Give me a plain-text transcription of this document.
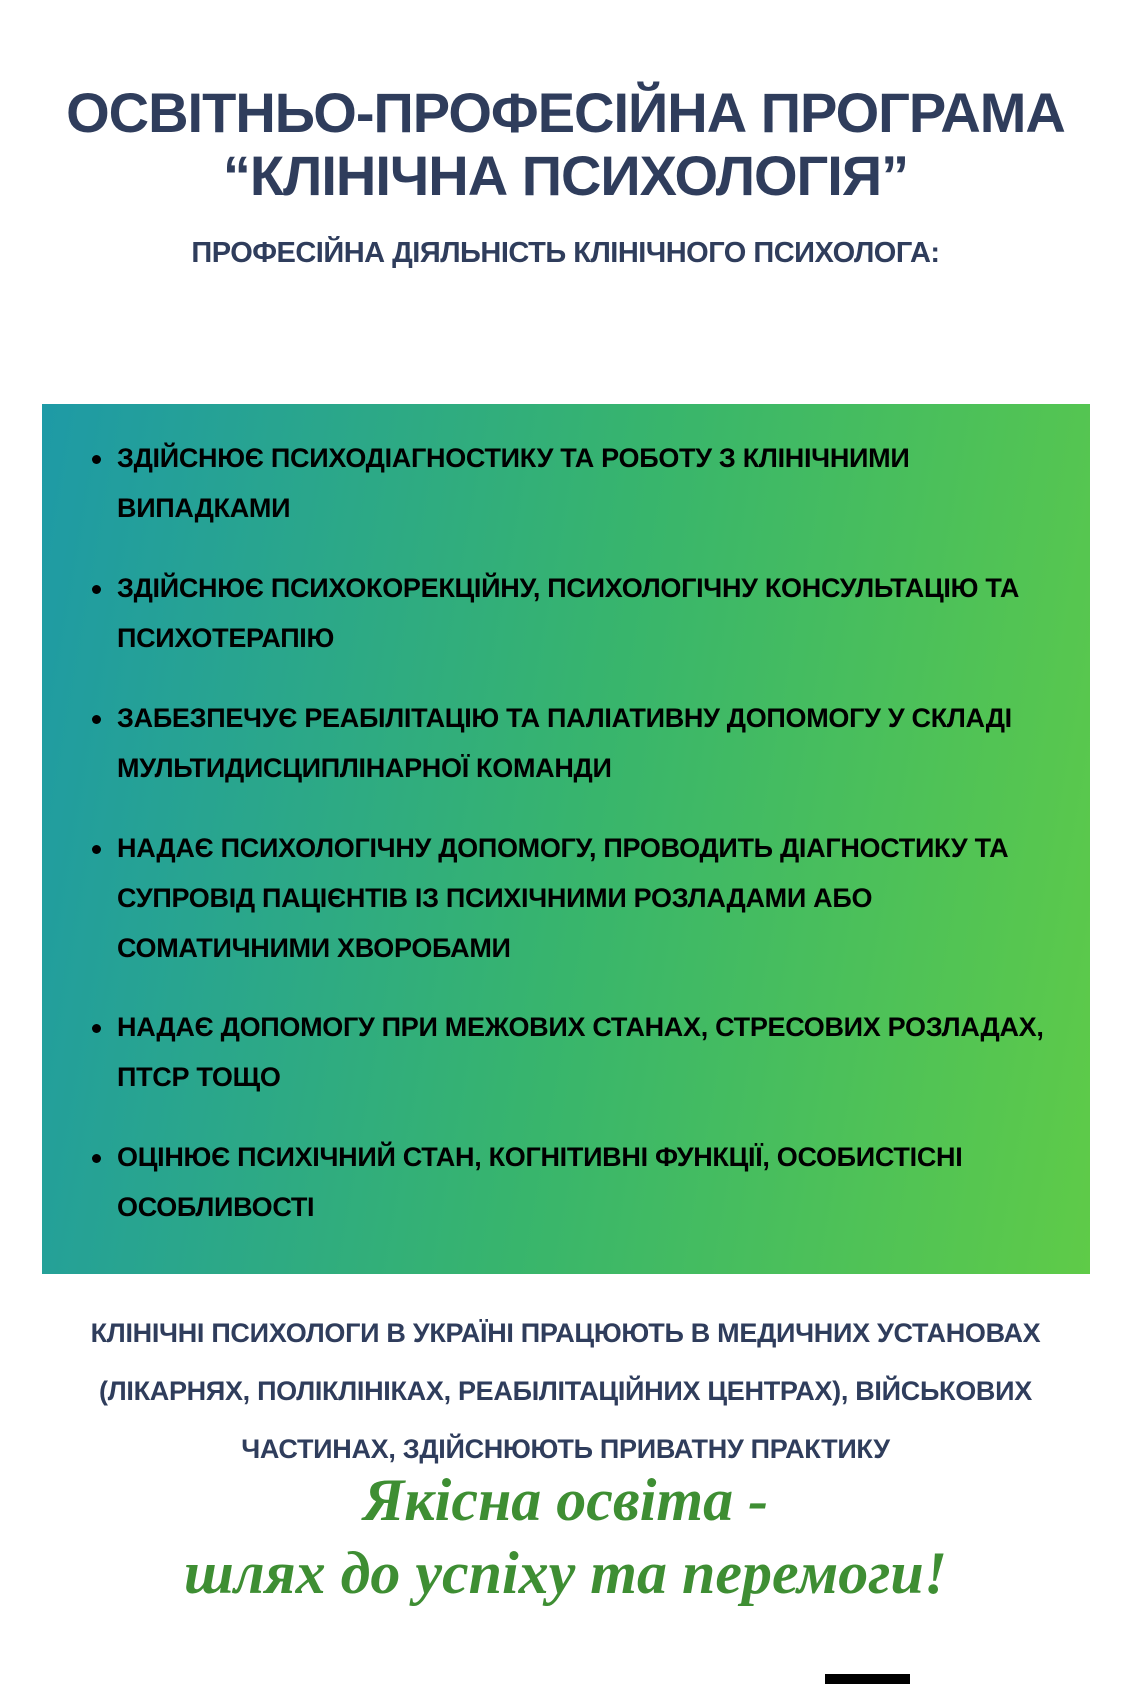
ОСВІТНЬО-ПРОФЕСІЙНА ПРОГРАМА
“КЛІНІЧНА ПСИХОЛОГІЯ”
ПРОФЕСІЙНА ДІЯЛЬНІСТЬ КЛІНІЧНОГО ПСИХОЛОГА:
ЗДІЙСНЮЄ ПСИХОДІАГНОСТИКУ ТА РОБОТУ З КЛІНІЧНИМИ ВИПАДКАМИ
ЗДІЙСНЮЄ ПСИХОКОРЕКЦІЙНУ, ПСИХОЛОГІЧНУ КОНСУЛЬТАЦІЮ ТА ПСИХОТЕРАПІЮ
ЗАБЕЗПЕЧУЄ РЕАБІЛІТАЦІЮ ТА ПАЛІАТИВНУ ДОПОМОГУ У СКЛАДІ МУЛЬТИДИСЦИПЛІНАРНОЇ КОМАНДИ
НАДАЄ ПСИХОЛОГІЧНУ ДОПОМОГУ, ПРОВОДИТЬ ДІАГНОСТИКУ ТА СУПРОВІД ПАЦІЄНТІВ ІЗ ПСИХІЧНИМИ РОЗЛАДАМИ АБО СОМАТИЧНИМИ ХВОРОБАМИ
НАДАЄ ДОПОМОГУ ПРИ МЕЖОВИХ СТАНАХ, СТРЕСОВИХ РОЗЛАДАХ, ПТСР ТОЩО
ОЦІНЮЄ ПСИХІЧНИЙ СТАН, КОГНІТИВНІ ФУНКЦІЇ, ОСОБИСТІСНІ ОСОБЛИВОСТІ
КЛІНІЧНІ ПСИХОЛОГИ В УКРАЇНІ ПРАЦЮЮТЬ В МЕДИЧНИХ УСТАНОВАХ (ЛІКАРНЯХ, ПОЛІКЛІНІКАХ, РЕАБІЛІТАЦІЙНИХ ЦЕНТРАХ), ВІЙСЬКОВИХ ЧАСТИНАХ, ЗДІЙСНЮЮТЬ ПРИВАТНУ ПРАКТИКУ
Якісна освіта -
шлях до успіху та перемоги!
